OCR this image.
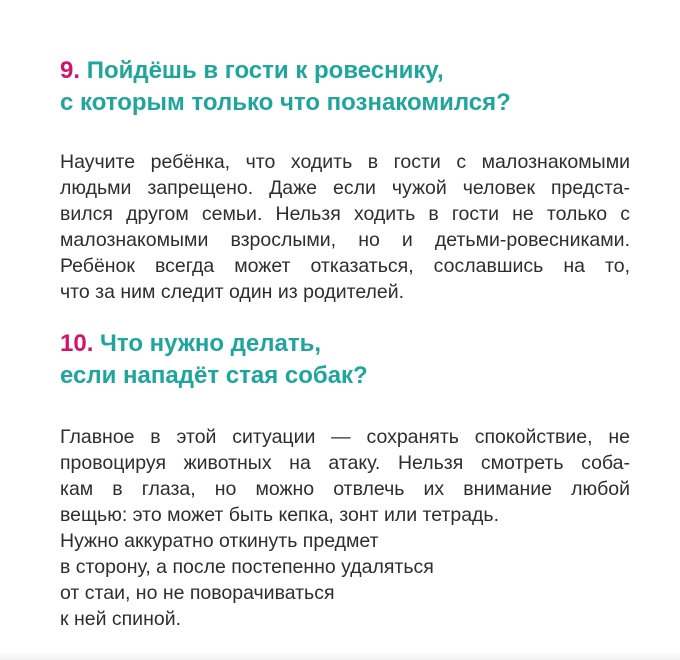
9. Пойдёшь в гости к ровеснику,
с которым только что познакомился?

Научите ребёнка, что ходить в гости с малознакомыми
людьми запрещено. Даже если чужой человек предста-
вился другом семьи. Нельзя ходить в гости не только с
малознакомыми взрослыми, но и детьми-ровесниками.
Ребёнок всегда может отказаться, сославшись на то,
что за ним следит один из родителей.

10. Что нужно делать,
если нападёт стая собак?

Главное в этой ситуации — сохранять спокойствие, не
провоцируя животных на атаку. Нельзя смотреть соба-
кам в глаза, но можно отвлечь их внимание любой
вещью: это может быть кепка, зонт или тетрадь.
Нужно аккуратно откинуть предмет
в сторону, а после постепенно удаляться
от стаи, но не поворачиваться
к ней спиной.
